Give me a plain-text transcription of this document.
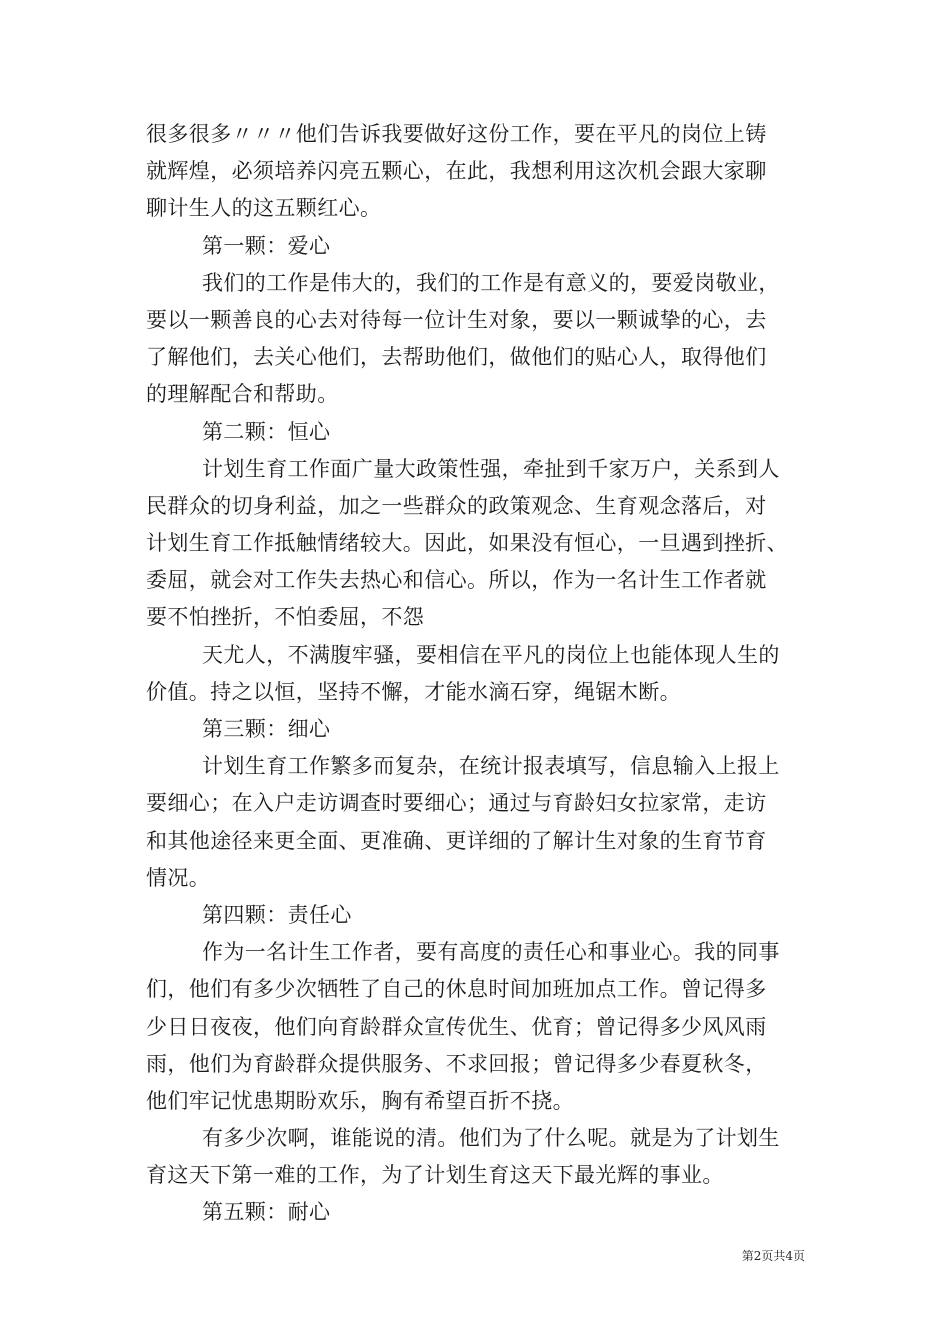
很多很多〃〃〃他们告诉我要做好这份工作，要在平凡的岗位上铸
就辉煌，必须培养闪亮五颗心，在此，我想利用这次机会跟大家聊
聊计生人的这五颗红心。
第一颗：爱心
我们的工作是伟大的，我们的工作是有意义的，要爱岗敬业，
要以一颗善良的心去对待每一位计生对象，要以一颗诚挚的心，去
了解他们，去关心他们，去帮助他们，做他们的贴心人，取得他们
的理解配合和帮助。
第二颗：恒心
计划生育工作面广量大政策性强，牵扯到千家万户，关系到人
民群众的切身利益，加之一些群众的政策观念、生育观念落后，对
计划生育工作抵触情绪较大。因此，如果没有恒心，一旦遇到挫折、
委屈，就会对工作失去热心和信心。所以，作为一名计生工作者就
要不怕挫折，不怕委屈，不怨
天尤人，不满腹牢骚，要相信在平凡的岗位上也能体现人生的
价值。持之以恒，坚持不懈，才能水滴石穿，绳锯木断。
第三颗：细心
计划生育工作繁多而复杂，在统计报表填写，信息输入上报上
要细心；在入户走访调查时要细心；通过与育龄妇女拉家常，走访
和其他途径来更全面、更准确、更详细的了解计生对象的生育节育
情况。
第四颗：责任心
作为一名计生工作者，要有高度的责任心和事业心。我的同事
们，他们有多少次牺牲了自己的休息时间加班加点工作。曾记得多
少日日夜夜，他们向育龄群众宣传优生、优育；曾记得多少风风雨
雨，他们为育龄群众提供服务、不求回报；曾记得多少春夏秋冬，
他们牢记忧患期盼欢乐，胸有希望百折不挠。
有多少次啊，谁能说的清。他们为了什么呢。就是为了计划生
育这天下第一难的工作，为了计划生育这天下最光辉的事业。
第五颗：耐心
第2页共4页
